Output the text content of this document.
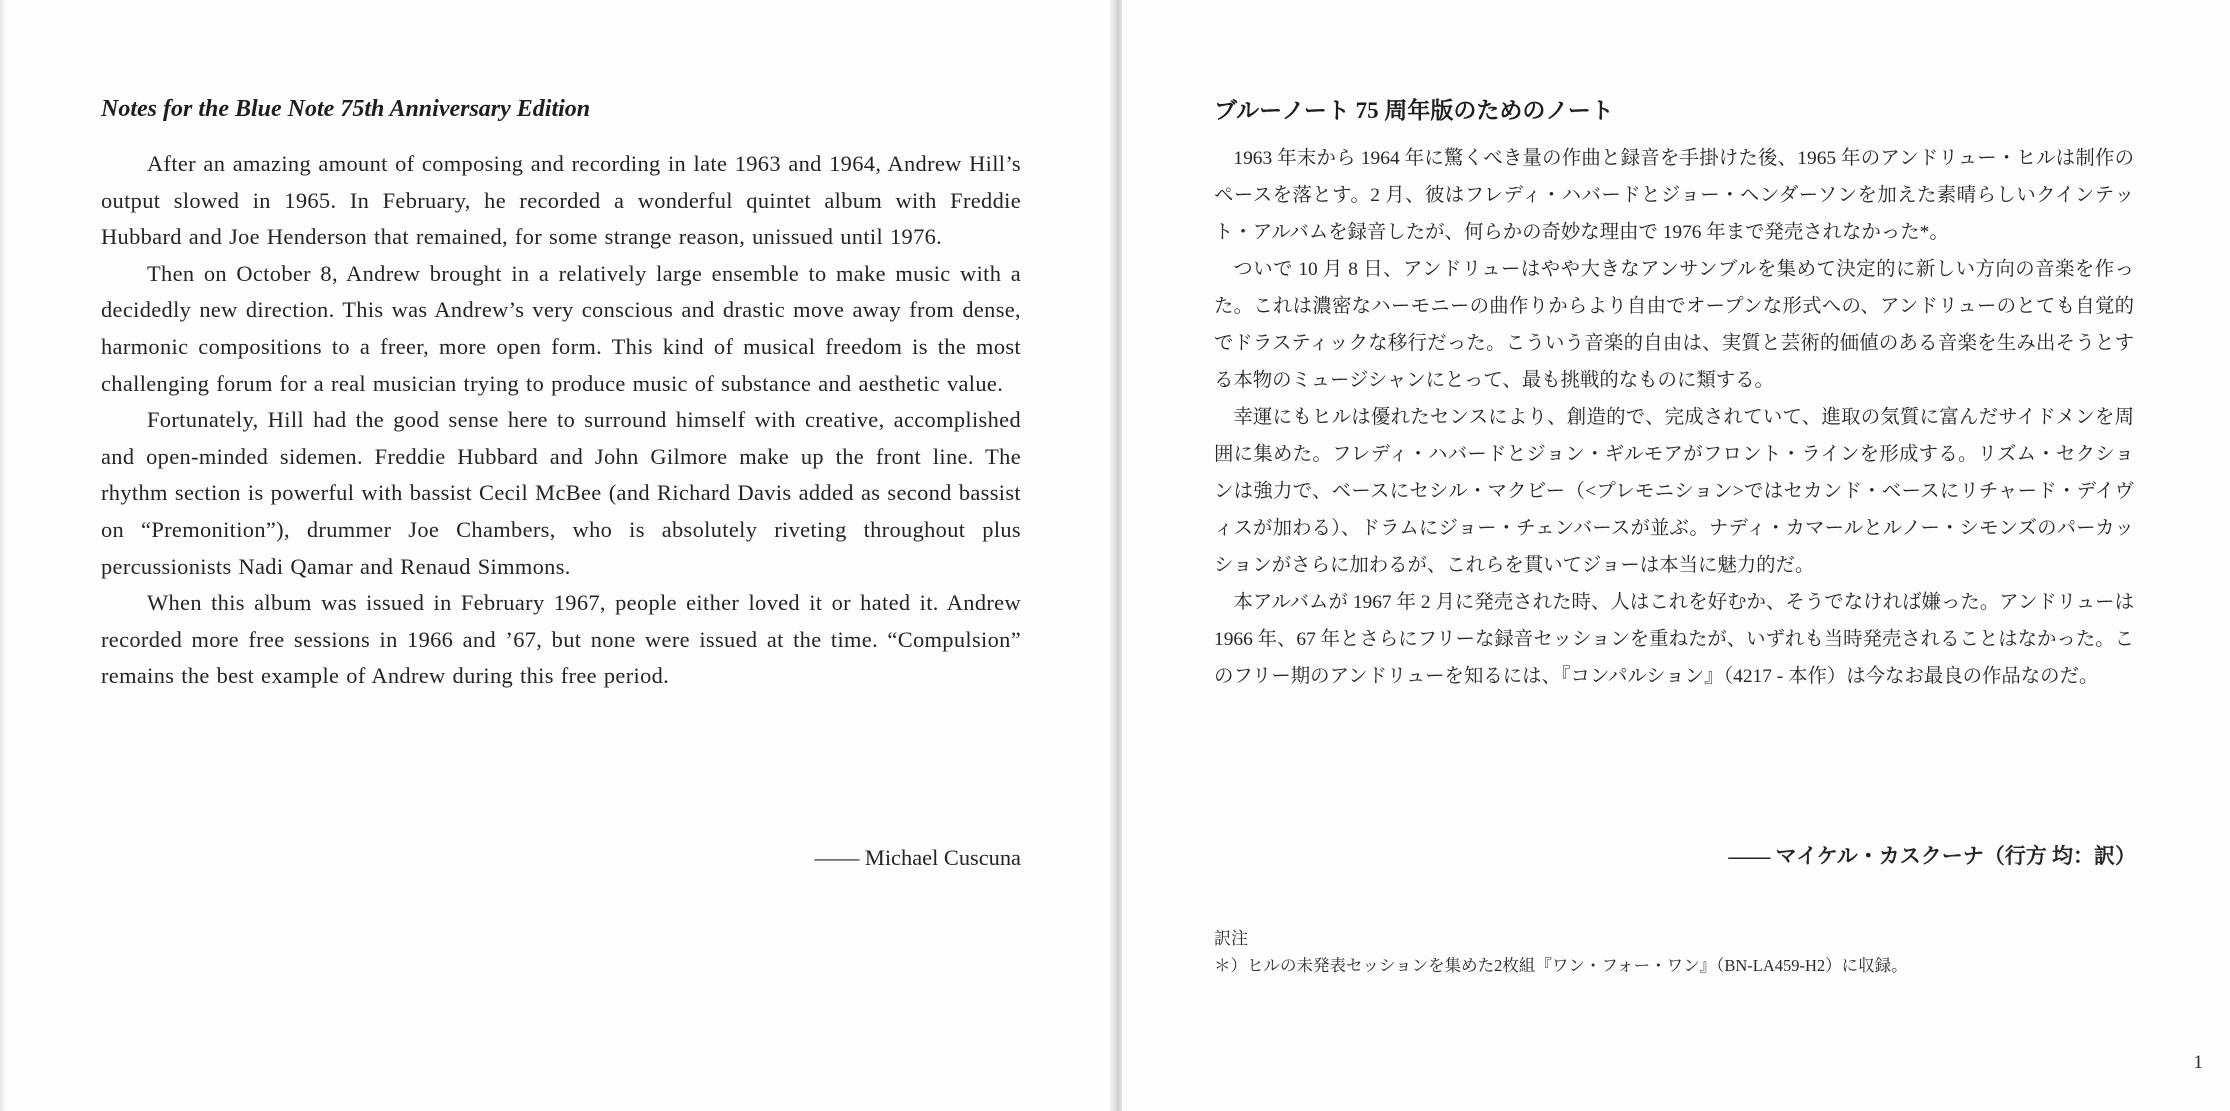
Notes for the Blue Note 75th Anniversary Edition

After an amazing amount of composing and recording in late 1963 and 1964, Andrew Hill’s output slowed in 1965. In February, he recorded a wonderful quintet album with Freddie Hubbard and Joe Henderson that remained, for some strange reason, unissued until 1976.

Then on October 8, Andrew brought in a relatively large ensemble to make music with a decidedly new direction. This was Andrew’s very conscious and drastic move away from dense, harmonic compositions to a freer, more open form. This kind of musical freedom is the most challenging forum for a real musician trying to produce music of substance and aesthetic value.

Fortunately, Hill had the good sense here to surround himself with creative, accomplished and open-minded sidemen. Freddie Hubbard and John Gilmore make up the front line. The rhythm section is powerful with bassist Cecil McBee (and Richard Davis added as second bassist on “Premonition”), drummer Joe Chambers, who is absolutely riveting throughout plus percussionists Nadi Qamar and Renaud Simmons.

When this album was issued in February 1967, people either loved it or hated it. Andrew recorded more free sessions in 1966 and ’67, but none were issued at the time. “Compulsion” remains the best example of Andrew during this free period.

—— Michael Cuscuna
ブルーノート 75 周年版のためのノート

1963 年末から 1964 年に驚くべき量の作曲と録音を手掛けた後、1965 年のアンドリュー・ヒルは制作のペースを落とす。2 月、彼はフレディ・ハバードとジョー・ヘンダーソンを加えた素晴らしいクインテット・アルバムを録音したが、何らかの奇妙な理由で 1976 年まで発売されなかった*。

ついで 10 月 8 日、アンドリューはやや大きなアンサンブルを集めて決定的に新しい方向の音楽を作った。これは濃密なハーモニーの曲作りからより自由でオープンな形式への、アンドリューのとても自覚的でドラスティックな移行だった。こういう音楽的自由は、実質と芸術的価値のある音楽を生み出そうとする本物のミュージシャンにとって、最も挑戦的なものに類する。

幸運にもヒルは優れたセンスにより、創造的で、完成されていて、進取の気質に富んだサイドメンを周囲に集めた。フレディ・ハバードとジョン・ギルモアがフロント・ラインを形成する。リズム・セクションは強力で、ベースにセシル・マクビー（<プレモニション>ではセカンド・ベースにリチャード・デイヴィスが加わる）、ドラムにジョー・チェンバースが並ぶ。ナディ・カマールとルノー・シモンズのパーカッションがさらに加わるが、これらを貫いてジョーは本当に魅力的だ。

本アルバムが 1967 年 2 月に発売された時、人はこれを好むか、そうでなければ嫌った。アンドリューは 1966 年、67 年とさらにフリーな録音セッションを重ねたが、いずれも当時発売されることはなかった。このフリー期のアンドリューを知るには、『コンパルション』（4217 - 本作）は今なお最良の作品なのだ。

—— マイケル・カスクーナ（行方 均：訳）
訳注
＊）ヒルの未発表セッションを集めた2枚組『ワン・フォー・ワン』（BN-LA459-H2）に収録。
1
